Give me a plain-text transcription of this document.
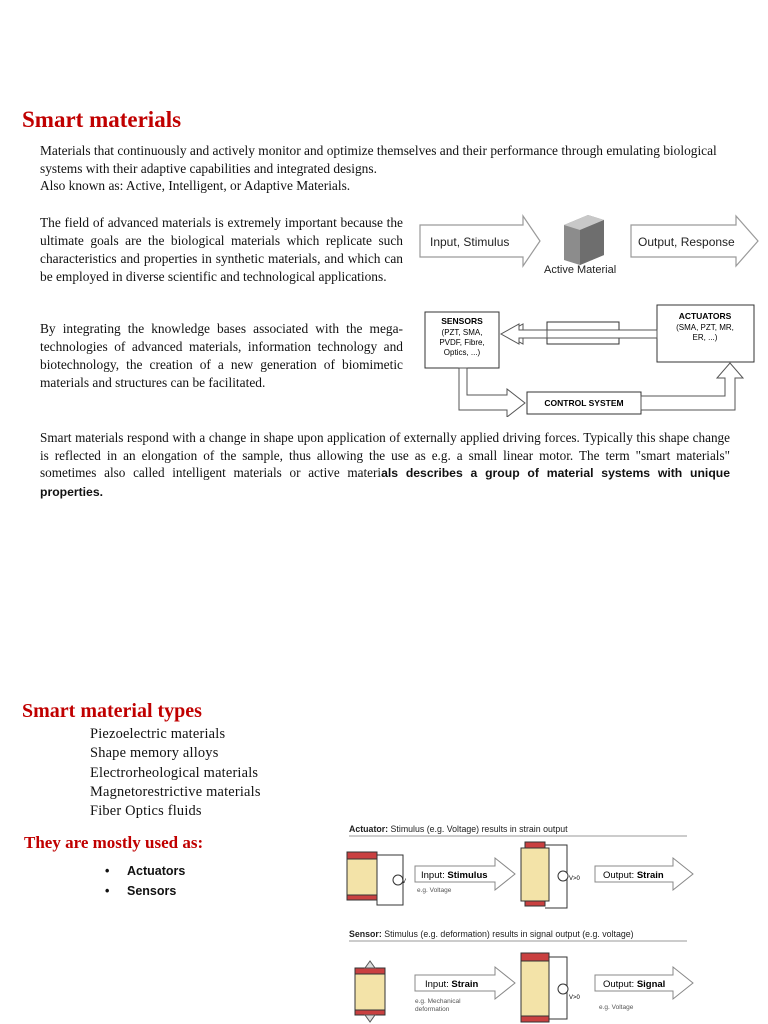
Smart materials

Materials that continuously and actively monitor and optimize themselves and their performance through emulating biological systems with their adaptive capabilities and integrated designs.

Also known as: Active, Intelligent, or Adaptive Materials.

The field of advanced materials is extremely important because the ultimate goals are the biological materials which replicate such characteristics and properties in synthetic materials, and which can be employed in diverse scientific and technological applications.

By integrating the knowledge bases associated with the mega-technologies of advanced materials, information technology and biotechnology, the creation of a new generation of biomimetic materials and structures can be facilitated.

Smart materials respond with a change in shape upon application of externally applied driving forces. Typically this shape change is reflected in an elongation of the sample, thus allowing the use as e.g. a small linear motor. The term "smart materials" sometimes also called intelligent materials or active materials describes a group of material systems with unique properties.

Input, Stimulus
Active Material
Output, Response
SENSORS
(PZT, SMA,
PVDF, Fibre,
Optics, ...)
ACTUATORS
(SMA, PZT, MR,
ER, ...)
CONTROL SYSTEM
Smart material types
Piezoelectric materials
Shape memory alloys
Electrorheological materials
Magnetorestrictive materials
Fiber Optics fluids

They are mostly used as:

• Actuators
• Sensors
Actuator: Stimulus (e.g. Voltage) results in strain output
V
Input: Stimulus
e.g. Voltage
V>0 Output: Strain
Sensor: Stimulus (e.g. deformation) results in signal output (e.g. voltage)
Input: Strain
e.g. Mechanical
deformation
V>0
Output: Signal
e.g. Voltage
